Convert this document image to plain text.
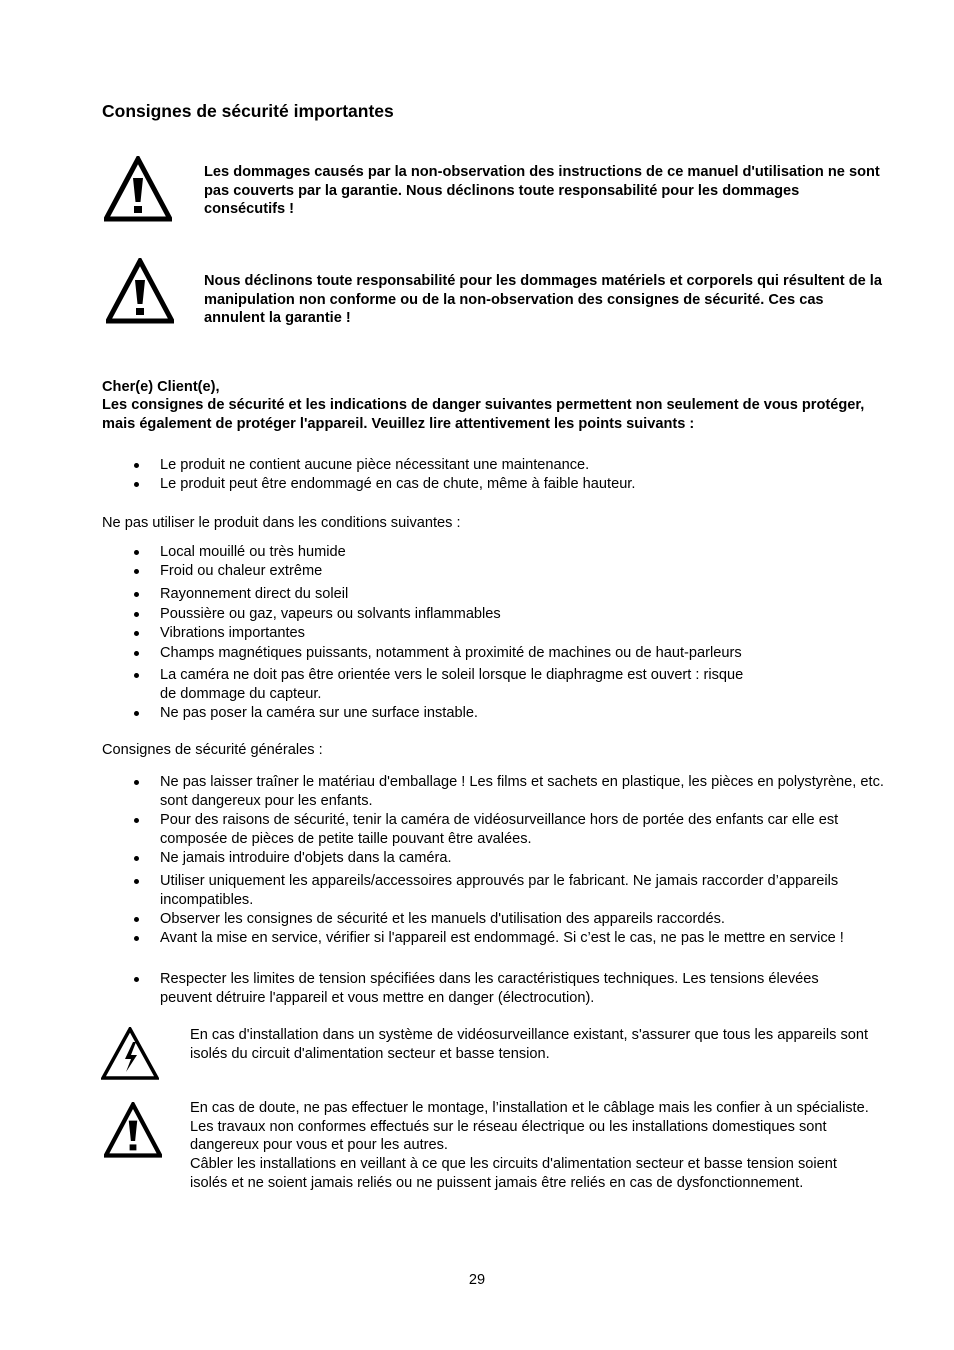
Consignes de sécurité importantes

Les dommages causés par la non-observation des instructions de ce manuel d'utilisation ne sont pas couverts par la garantie. Nous déclinons toute responsabilité pour les dommages consécutifs !

Nous déclinons toute responsabilité pour les dommages matériels et corporels qui résultent de la manipulation non conforme ou de la non-observation des consignes de sécurité. Ces cas annulent la garantie !

Cher(e) Client(e),

Les consignes de sécurité et les indications de danger suivantes permettent non seulement de vous protéger, mais également de protéger l'appareil. Veuillez lire attentivement les points suivants :

Le produit ne contient aucune pièce nécessitant une maintenance.
Le produit peut être endommagé en cas de chute, même à faible hauteur.

Ne pas utiliser le produit dans les conditions suivantes :

Local mouillé ou très humide
Froid ou chaleur extrême
Rayonnement direct du soleil
Poussière ou gaz, vapeurs ou solvants inflammables
Vibrations importantes
Champs magnétiques puissants, notamment à proximité de machines ou de haut-parleurs
La caméra ne doit pas être orientée vers le soleil lorsque le diaphragme est ouvert : risque de dommage du capteur.
Ne pas poser la caméra sur une surface instable.

Consignes de sécurité générales :

Ne pas laisser traîner le matériau d'emballage ! Les films et sachets en plastique, les pièces en polystyrène, etc. sont dangereux pour les enfants.
Pour des raisons de sécurité, tenir la caméra de vidéosurveillance hors de portée des enfants car elle est composée de pièces de petite taille pouvant être avalées.
Ne jamais introduire d'objets dans la caméra.
Utiliser uniquement les appareils/accessoires approuvés par le fabricant. Ne jamais raccorder d’appareils incompatibles.
Observer les consignes de sécurité et les manuels d'utilisation des appareils raccordés.
Avant la mise en service, vérifier si l'appareil est endommagé. Si c’est le cas, ne pas le mettre en service !
Respecter les limites de tension spécifiées dans les caractéristiques techniques. Les tensions élevées peuvent détruire l'appareil et vous mettre en danger (électrocution).

En cas d'installation dans un système de vidéosurveillance existant, s'assurer que tous les appareils sont isolés du circuit d'alimentation secteur et basse tension.

En cas de doute, ne pas effectuer le montage, l’installation et le câblage mais les confier à un spécialiste. Les travaux non conformes effectués sur le réseau électrique ou les installations domestiques sont dangereux pour vous et pour les autres.

Câbler les installations en veillant à ce que les circuits d'alimentation secteur et basse tension soient isolés et ne soient jamais reliés ou ne puissent jamais être reliés en cas de dysfonctionnement.

29
